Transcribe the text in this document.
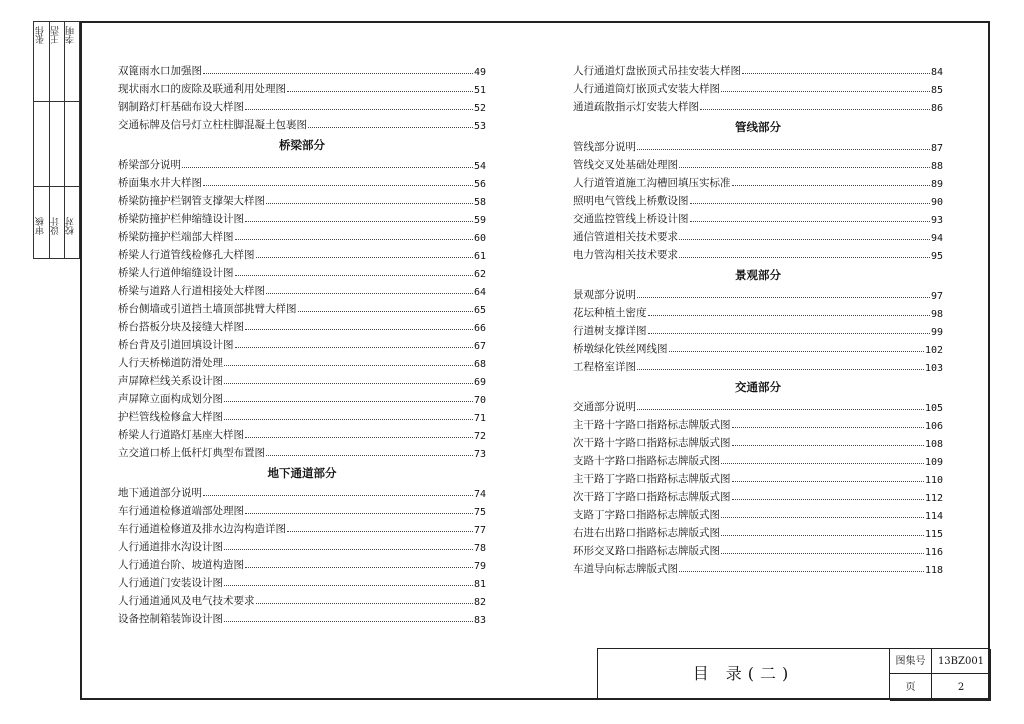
张伟 王浩 李明
审核 设计 校对
双篦雨水口加强图	49
现状雨水口的废除及联通利用处理图	51
钢制路灯杆基础布设大样图	52
交通标牌及信号灯立柱柱脚混凝土包裹图	53
桥梁部分
桥梁部分说明	54
桥面集水井大样图	56
桥梁防撞护栏钢管支撑架大样图	58
桥梁防撞护栏伸缩缝设计图	59
桥梁防撞护栏端部大样图	60
桥梁人行道管线检修孔大样图	61
桥梁人行道伸缩缝设计图	62
桥梁与道路人行道相接处大样图	64
桥台侧墙或引道挡土墙顶部挑臂大样图	65
桥台搭板分块及接缝大样图	66
桥台背及引道回填设计图	67
人行天桥梯道防滑处理	68
声屏障栏线关系设计图	69
声屏障立面构成划分图	70
护栏管线检修盒大样图	71
桥梁人行道路灯基座大样图	72
立交道口桥上低杆灯典型布置图	73
地下通道部分
地下通道部分说明	74
车行通道检修道端部处理图	75
车行通道检修道及排水边沟构造详图	77
人行通道排水沟设计图	78
人行通道台阶、坡道构造图	79
人行通道门安装设计图	81
人行通道通风及电气技术要求	82
设备控制箱装饰设计图	83
人行通道灯盘嵌顶式吊挂安装大样图	84
人行通道筒灯嵌顶式安装大样图	85
通道疏散指示灯安装大样图	86
管线部分
管线部分说明	87
管线交叉处基础处理图	88
人行道管道施工沟槽回填压实标准	89
照明电气管线上桥敷设图	90
交通监控管线上桥设计图	93
通信管道相关技术要求	94
电力管沟相关技术要求	95
景观部分
景观部分说明	97
花坛种植土密度	98
行道树支撑详图	99
桥墩绿化铁丝网线图	102
工程格室详图	103
交通部分
交通部分说明	105
主干路十字路口指路标志牌版式图	106
次干路十字路口指路标志牌版式图	108
支路十字路口指路标志牌版式图	109
主干路丁字路口指路标志牌版式图	110
次干路丁字路口指路标志牌版式图	112
支路丁字路口指路标志牌版式图	114
右进右出路口指路标志牌版式图	115
环形交叉路口指路标志牌版式图	116
车道导向标志牌版式图	118
目 录(二)
图集号	13BZ001
页	2
